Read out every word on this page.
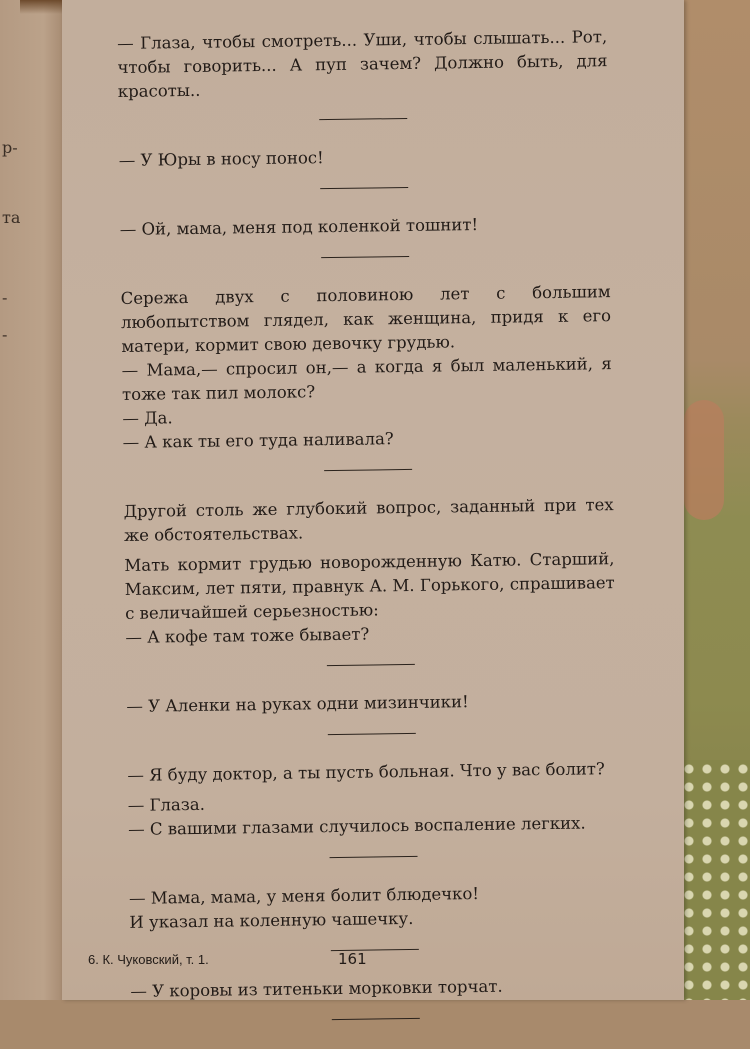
р-
та
-
-

— Глаза, чтобы смотреть... Уши, чтобы слышать... Рот, чтобы говорить... А пуп зачем? Должно быть, для красоты..

— У Юры в носу понос!

— Ой, мама, меня под коленкой тошнит!

Сережа двух с половиною лет с большим любопытством глядел, как женщина, придя к его матери, кормит свою девочку грудью.

— Мама,— спросил он,— а когда я был маленький, я тоже так пил молокс?

— Да.

— А как ты его туда наливала?

Другой столь же глубокий вопрос, заданный при тех же обстоятельствах.

Мать кормит грудью новорожденную Катю. Старший, Максим, лет пяти, правнук А. М. Горького, спрашивает с величайшей серьезностью:

— А кофе там тоже бывает?

— У Аленки на руках одни мизинчики!

— Я буду доктор, а ты пусть больная. Что у вас болит?

— Глаза.

— С вашими глазами случилось воспаление легких.

— Мама, мама, у меня болит блюдечко!

И указал на коленную чашечку.

— У коровы из титеньки морковки торчат.

6. К. Чуковский, т. 1.	161
